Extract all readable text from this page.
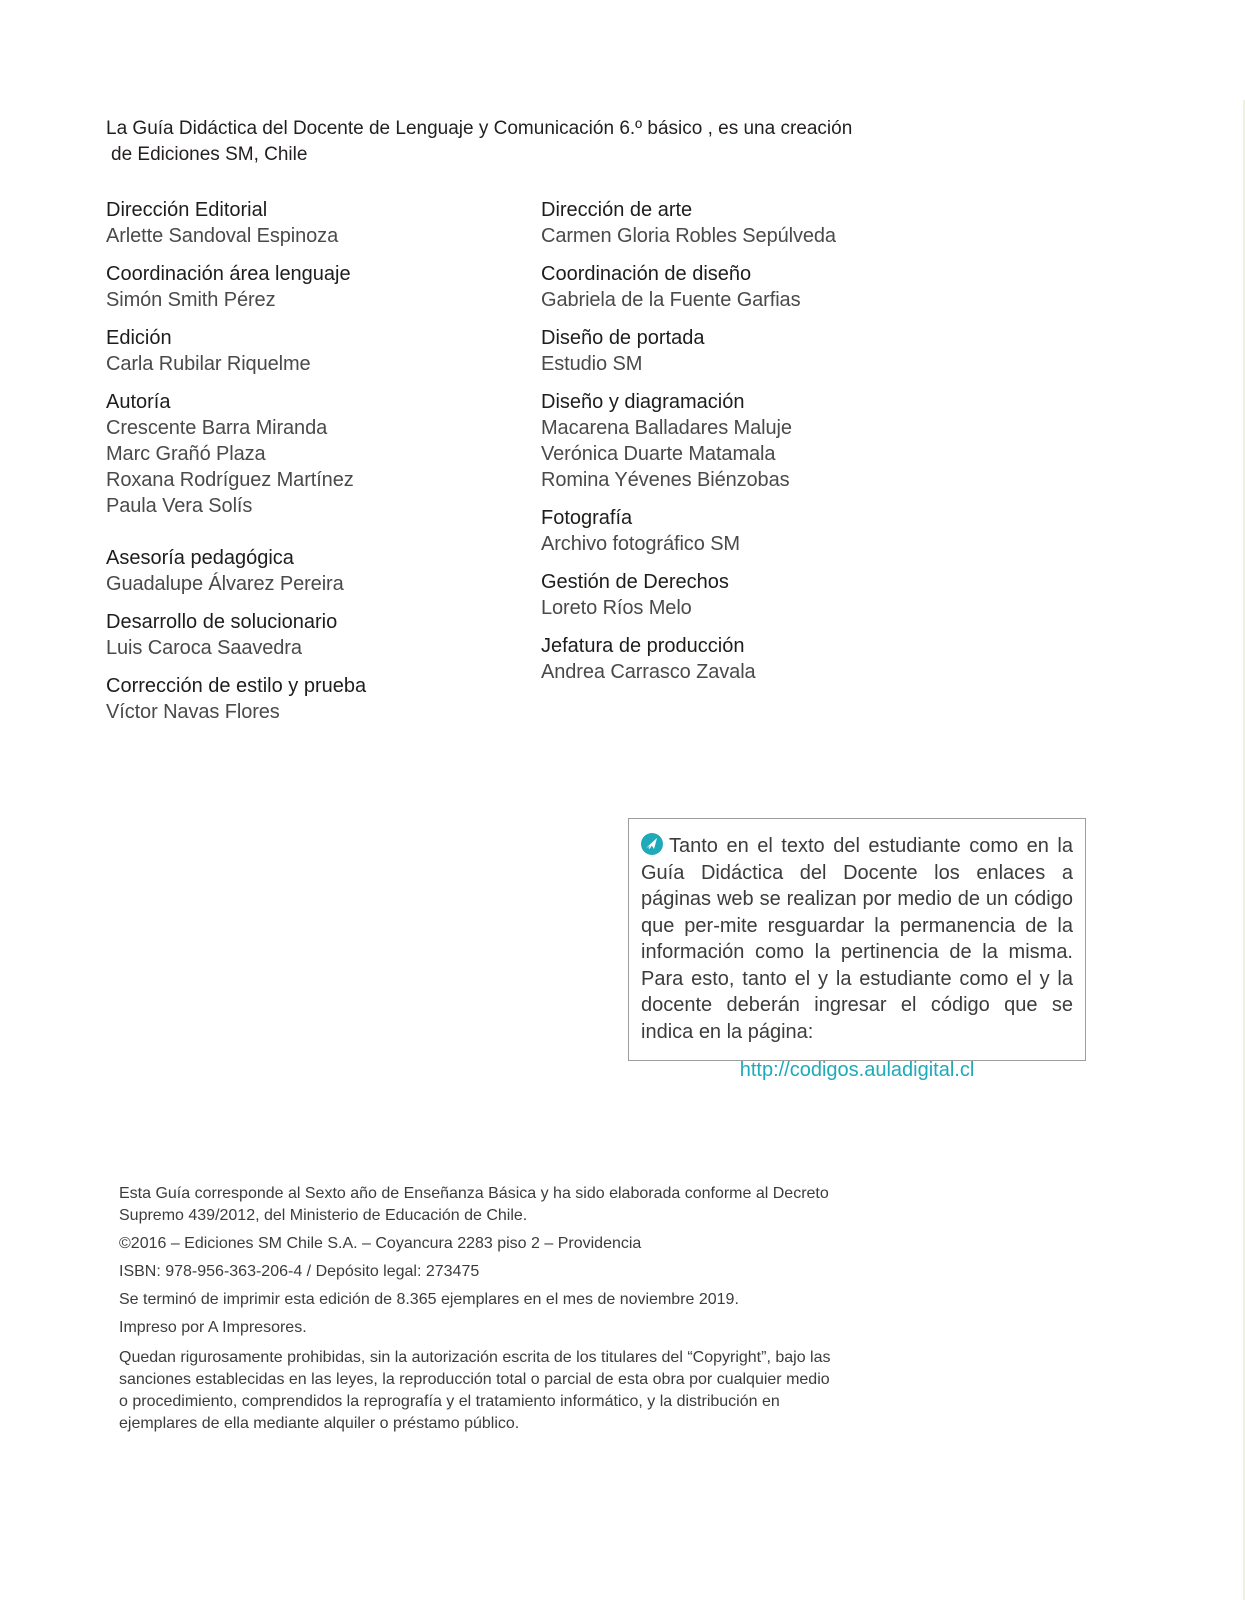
La Guía Didáctica del Docente de Lenguaje y Comunicación 6.º básico , es una creación
de Ediciones SM, Chile
Dirección Editorial
Arlette Sandoval Espinoza
Coordinación área lenguaje
Simón Smith Pérez
Edición
Carla Rubilar Riquelme
Autoría
Crescente Barra Miranda
Marc Grañó Plaza
Roxana Rodríguez Martínez
Paula Vera Solís
Asesoría pedagógica
Guadalupe Álvarez Pereira
Desarrollo de solucionario
Luis Caroca Saavedra
Corrección de estilo y prueba
Víctor Navas Flores
Dirección de arte
Carmen Gloria Robles Sepúlveda
Coordinación de diseño
Gabriela de la Fuente Garfias
Diseño de portada
Estudio SM
Diseño y diagramación
Macarena Balladares Maluje
Verónica Duarte Matamala
Romina Yévenes Biénzobas
Fotografía
Archivo fotográfico SM
Gestión de Derechos
Loreto Ríos Melo
Jefatura de producción
Andrea Carrasco Zavala

Tanto en el texto del estudiante como en la Guía Didáctica del Docente los enlaces a páginas web se realizan por medio de un código que per-mite resguardar la permanencia de la información como la pertinencia de la misma. Para esto, tanto el y la estudiante como el y la docente deberán ingresar el código que se indica en la página:

http://codigos.auladigital.cl

Esta Guía corresponde al Sexto año de Enseñanza Básica y ha sido elaborada conforme al Decreto Supremo 439/2012, del Ministerio de Educación de Chile.

©2016 – Ediciones SM Chile S.A. – Coyancura 2283 piso 2 – Providencia

ISBN: 978-956-363-206-4 / Depósito legal: 273475

Se terminó de imprimir esta edición de 8.365 ejemplares en el mes de noviembre 2019.

Impreso por A Impresores.

Quedan rigurosamente prohibidas, sin la autorización escrita de los titulares del “Copyright”, bajo las sanciones establecidas en las leyes, la reproducción total o parcial de esta obra por cualquier medio o procedimiento, comprendidos la reprografía y el tratamiento informático, y la distribución en ejemplares de ella mediante alquiler o préstamo público.
